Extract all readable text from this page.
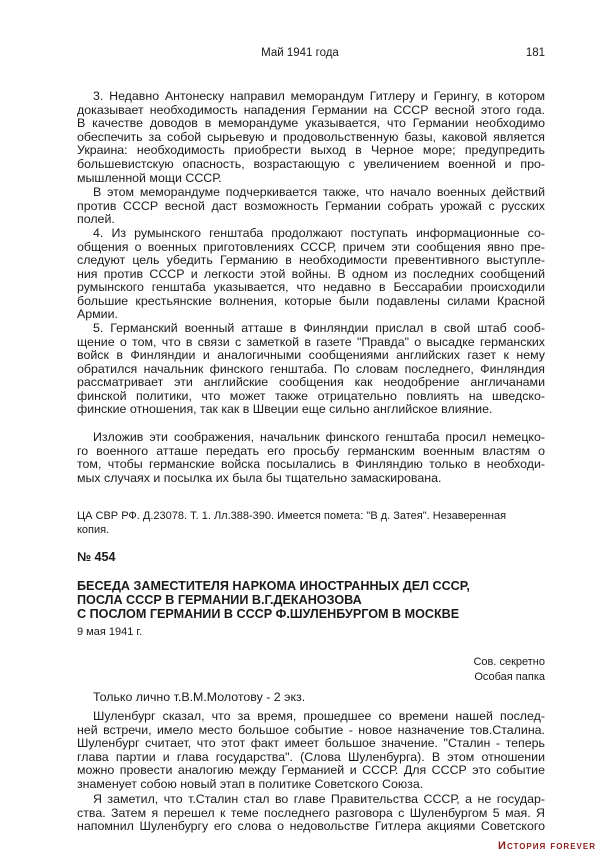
Май 1941 года	181
3. Недавно Антонеску направил меморандум Гитлеру и Герингу, в котором
доказывает необходимость нападения Германии на СССР весной этого года.
В качестве доводов в меморандуме указывается, что Германии необходимо
обеспечить за собой сырьевую и продовольственную базы, каковой является
Украина: необходимость приобрести выход в Черное море; предупредить
большевистскую опасность, возрастающую с увеличением военной и про-
мышленной мощи СССР.
В этом меморандуме подчеркивается также, что начало военных действий
против СССР весной даст возможность Германии собрать урожай с русских
полей.
4. Из румынского генштаба продолжают поступать информационные со-
общения о военных приготовлениях СССР, причем эти сообщения явно пре-
следуют цель убедить Германию в необходимости превентивного выступле-
ния против СССР и легкости этой войны. В одном из последних сообщений
румынского генштаба указывается, что недавно в Бессарабии происходили
большие крестьянские волнения, которые были подавлены силами Красной
Армии.
5. Германский военный атташе в Финляндии прислал в свой штаб сооб-
щение о том, что в связи с заметкой в газете "Правда" о высадке германских
войск в Финляндии и аналогичными сообщениями английских газет к нему
обратился начальник финского генштаба. По словам последнего, Финляндия
рассматривает эти английские сообщения как неодобрение англичанами
финской политики, что может также отрицательно повлиять на шведско-
финские отношения, так как в Швеции еще сильно английское влияние.
Изложив эти соображения, начальник финского генштаба просил немецко-
го военного атташе передать его просьбу германским военным властям о
том, чтобы германские войска посылались в Финляндию только в необходи-
мых случаях и посылка их была бы тщательно замаскирована.
ЦА СВР РФ. Д.23078. Т. 1. Лл.388-390. Имеется помета: "В д. Затея". Незаверенная
копия.
№ 454
БЕСЕДА ЗАМЕСТИТЕЛЯ НАРКОМА ИНОСТРАННЫХ ДЕЛ СССР,
ПОСЛА СССР В ГЕРМАНИИ В.Г.ДЕКАНОЗОВА
С ПОСЛОМ ГЕРМАНИИ В СССР Ф.ШУЛЕНБУРГОМ В МОСКВЕ
9 мая 1941 г.
Сов. секретно
Особая папка
Только лично т.В.М.Молотову - 2 экз.
Шуленбург сказал, что за время, прошедшее со времени нашей послед-
ней встречи, имело место большое событие - новое назначение тов.Сталина.
Шуленбург считает, что этот факт имеет большое значение. "Сталин - теперь
глава партии и глава государства". (Слова Шуленбурга). В этом отношении
можно провести аналогию между Германией и СССР. Для СССР это событие
знаменует собою новый этап в политике Советского Союза.
Я заметил, что т.Сталин стал во главе Правительства СССР, а не государ-
ства. Затем я перешел к теме последнего разговора с Шуленбургом 5 мая. Я
напомнил Шуленбургу его слова о недовольстве Гитлера акциями Советского
История forever
